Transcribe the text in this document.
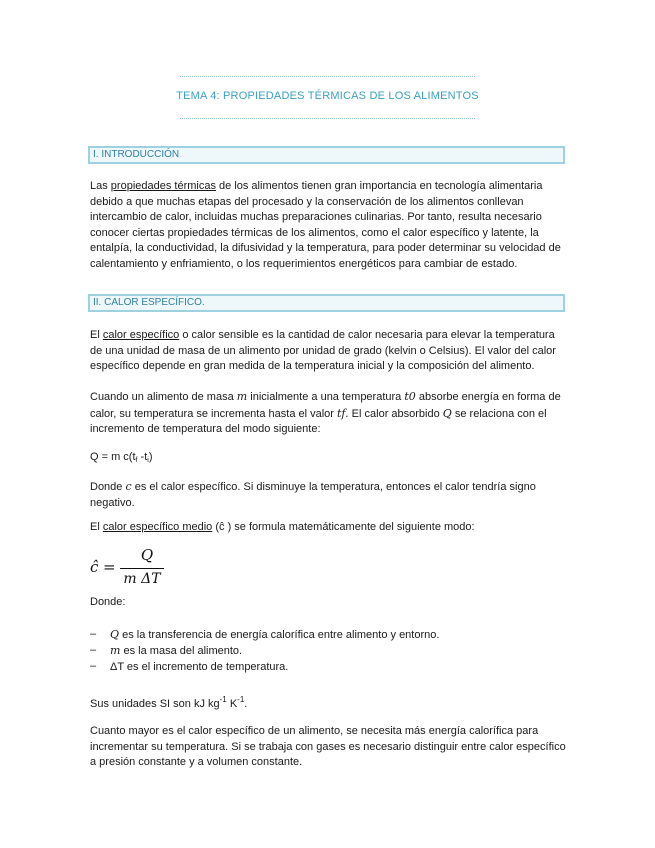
TEMA 4: PROPIEDADES TÉRMICAS DE LOS ALIMENTOS
I. INTRODUCCIÓN

Las propiedades térmicas de los alimentos tienen gran importancia en tecnología alimentaria debido a que muchas etapas del procesado y la conservación de los alimentos conllevan intercambio de calor, incluidas muchas preparaciones culinarias. Por tanto, resulta necesario conocer ciertas propiedades térmicas de los alimentos, como el calor específico y latente, la entalpía, la conductividad, la difusividad y la temperatura, para poder determinar su velocidad de calentamiento y enfriamiento, o los requerimientos energéticos para cambiar de estado.

II. CALOR ESPECÍFICO.

El calor específico o calor sensible es la cantidad de calor necesaria para elevar la temperatura de una unidad de masa de un alimento por unidad de grado (kelvin o Celsius). El valor del calor específico depende en gran medida de la temperatura inicial y la composición del alimento.

Cuando un alimento de masa m inicialmente a una temperatura t0 absorbe energía en forma de calor, su temperatura se incrementa hasta el valor tf. El calor absorbido Q se relaciona con el incremento de temperatura del modo siguiente:

Q = m $c(t_f$ $-t_i$)

Donde c es el calor específico. Si disminuye la temperatura, entonces el calor tendría signo negativo.

El calor específico medio (ĉ ) se formula matemáticamente del siguiente modo:

ĉ =
Q
m ΔT

Donde:

–	Q es la transferencia de energía calorífica entre alimento y entorno.
–	m es la masa del alimento.
–	ΔT es el incremento de temperatura.

Sus unidades SI son kJ $kg^{-1}$ $K^{-1}$.

Cuanto mayor es el calor específico de un alimento, se necesita más energía calorífica para incrementar su temperatura. Si se trabaja con gases es necesario distinguir entre calor específico a presión constante y a volumen constante.
